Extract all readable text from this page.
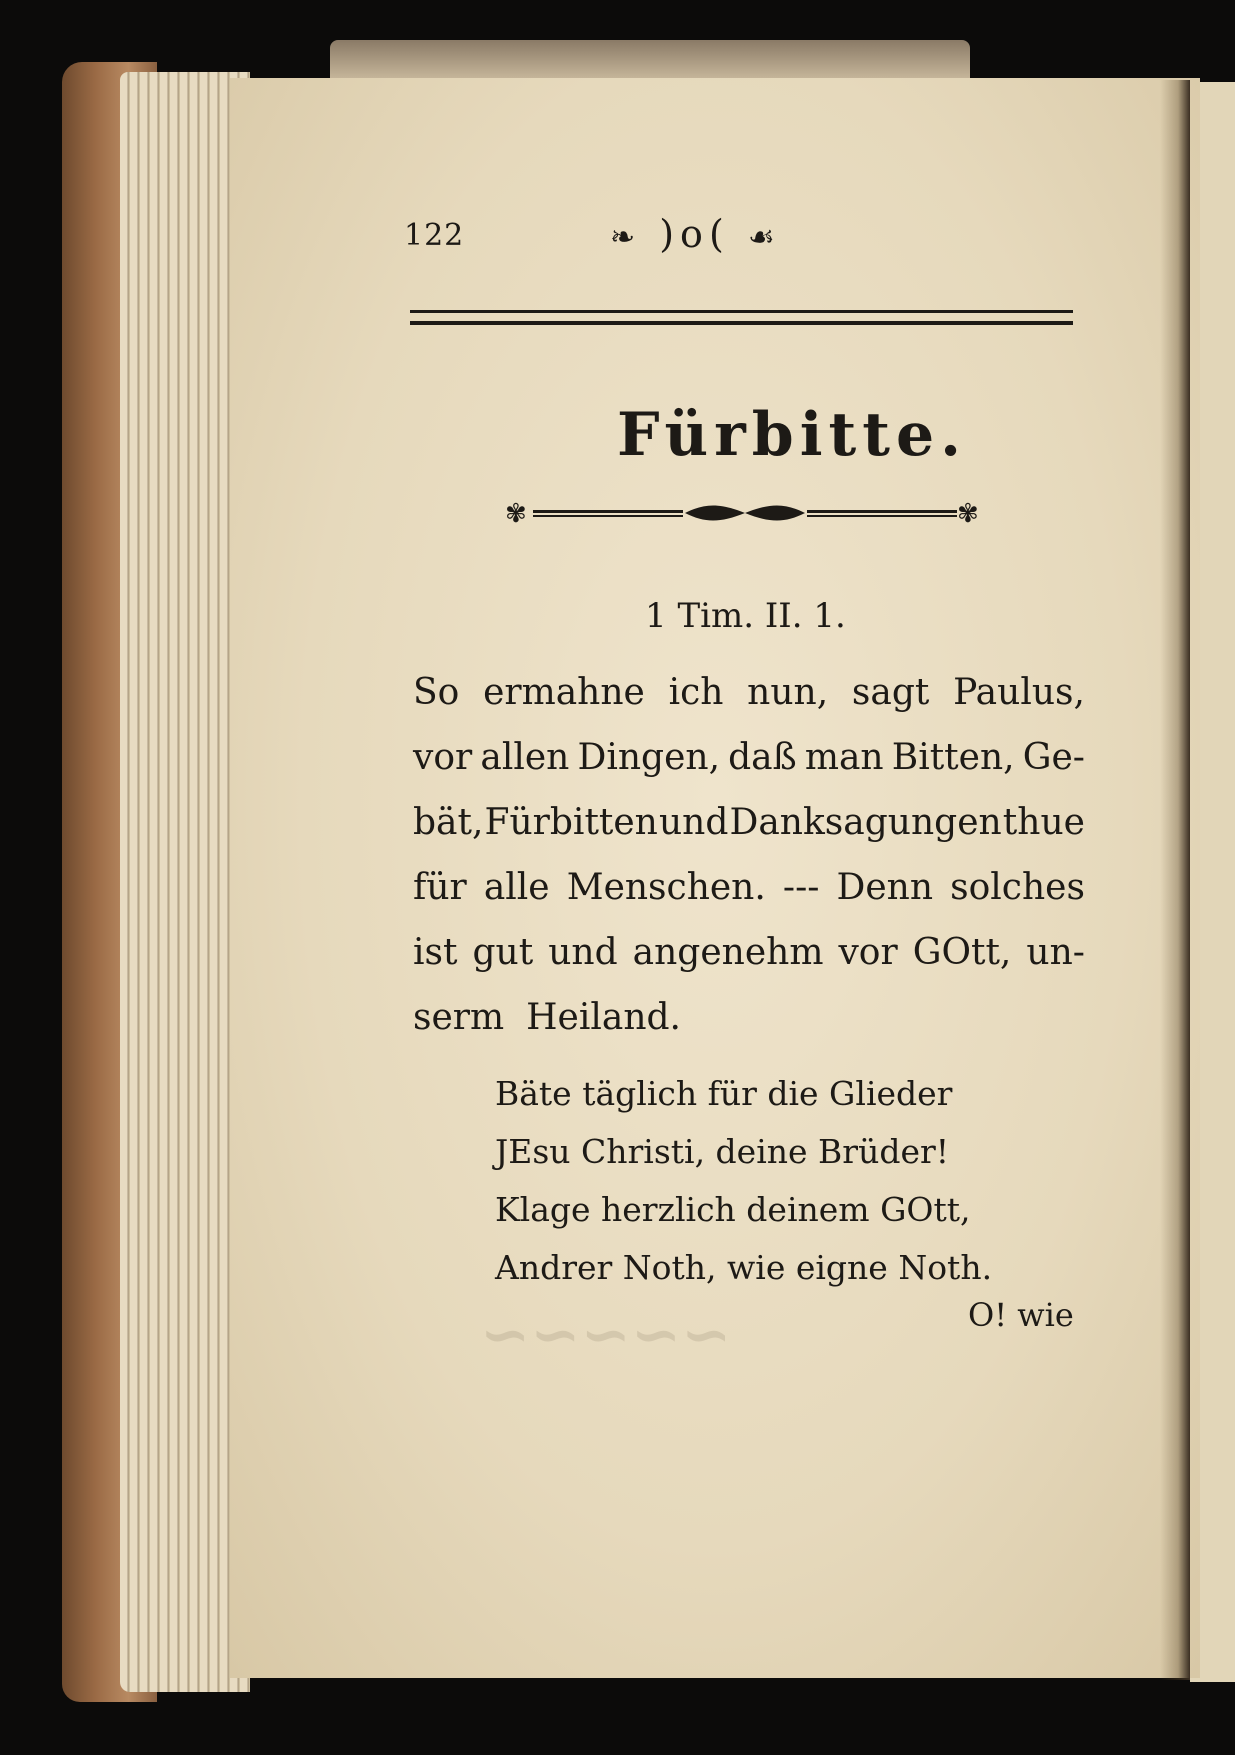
~~~~~
122	❧ )o( ☙
Fürbitte.
✾	✾
1 Tim. II. 1.
So ermahne ich nun, sagt Paulus,
vor allen Dingen, daß man Bitten, Ge-
bät, Fürbitten und Danksagungen thue
für alle Menschen. --- Denn solches
ist gut und angenehm vor GOtt, un-
serm Heiland.
Bäte täglich für die Glieder
JEsu Christi, deine Brüder!
Klage herzlich deinem GOtt,
Andrer Noth, wie eigne Noth.
O! wie
